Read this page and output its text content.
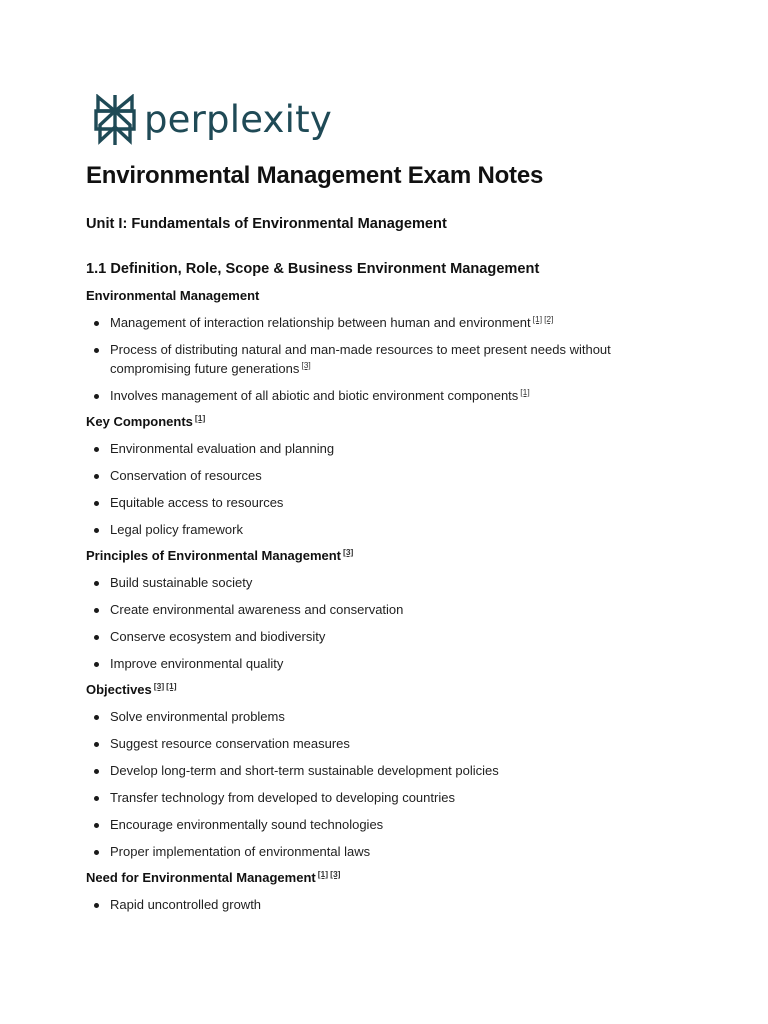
perplexity
Environmental Management Exam Notes
Unit I: Fundamentals of Environmental Management
1.1 Definition, Role, Scope & Business Environment Management
Environmental Management
Management of interaction relationship between human and environment [1] [2]
Process of distributing natural and man-made resources to meet present needs without compromising future generations [3]
Involves management of all abiotic and biotic environment components [1]
Key Components [1]
Environmental evaluation and planning
Conservation of resources
Equitable access to resources
Legal policy framework
Principles of Environmental Management [3]
Build sustainable society
Create environmental awareness and conservation
Conserve ecosystem and biodiversity
Improve environmental quality
Objectives [3] [1]
Solve environmental problems
Suggest resource conservation measures
Develop long-term and short-term sustainable development policies
Transfer technology from developed to developing countries
Encourage environmentally sound technologies
Proper implementation of environmental laws
Need for Environmental Management [1] [3]
Rapid uncontrolled growth
